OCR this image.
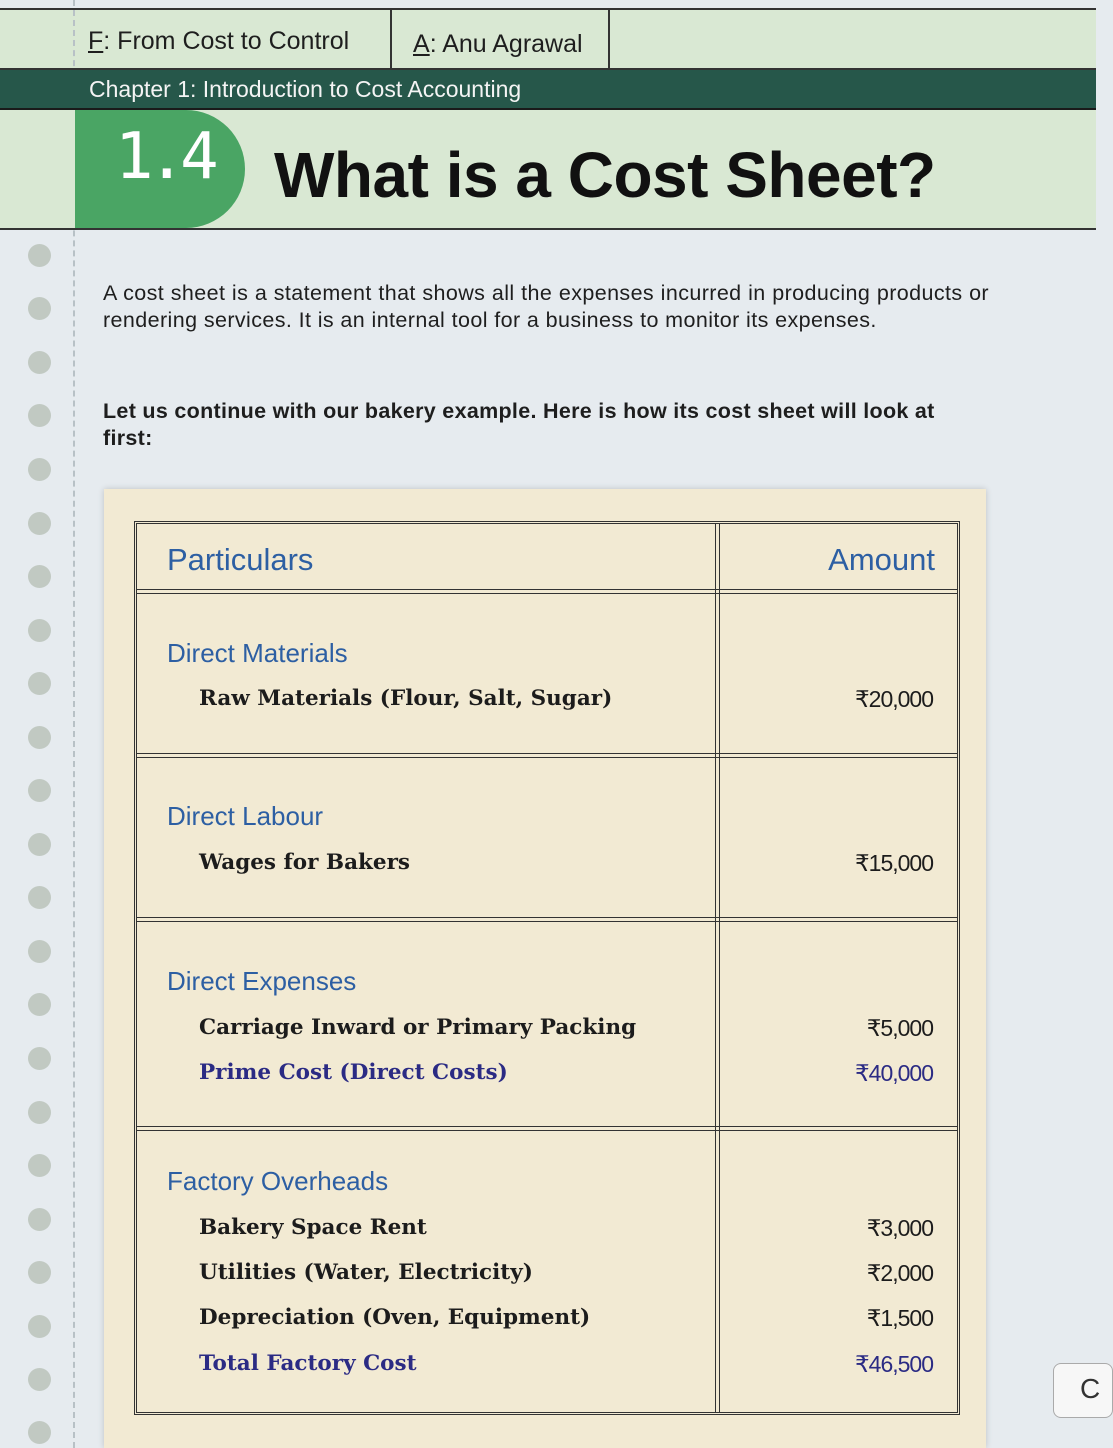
F: From Cost to Control	A: Anu Agrawal
Chapter 1: Introduction to Cost Accounting
1.4 What is a Cost Sheet?
A cost sheet is a statement that shows all the expenses incurred in producing products or rendering services. It is an internal tool for a business to monitor its expenses.
Let us continue with our bakery example. Here is how its cost sheet will look at first:
Particulars	Amount
Direct Materials
Raw Materials (Flour, Salt, Sugar)	₹20,000
Direct Labour
Wages for Bakers	₹15,000
Direct Expenses
Carriage Inward or Primary Packing	₹5,000
Prime Cost (Direct Costs)	₹40,000
Factory Overheads
Bakery Space Rent	₹3,000
Utilities (Water, Electricity)	₹2,000
Depreciation (Oven, Equipment)	₹1,500
Total Factory Cost	₹46,500
C
